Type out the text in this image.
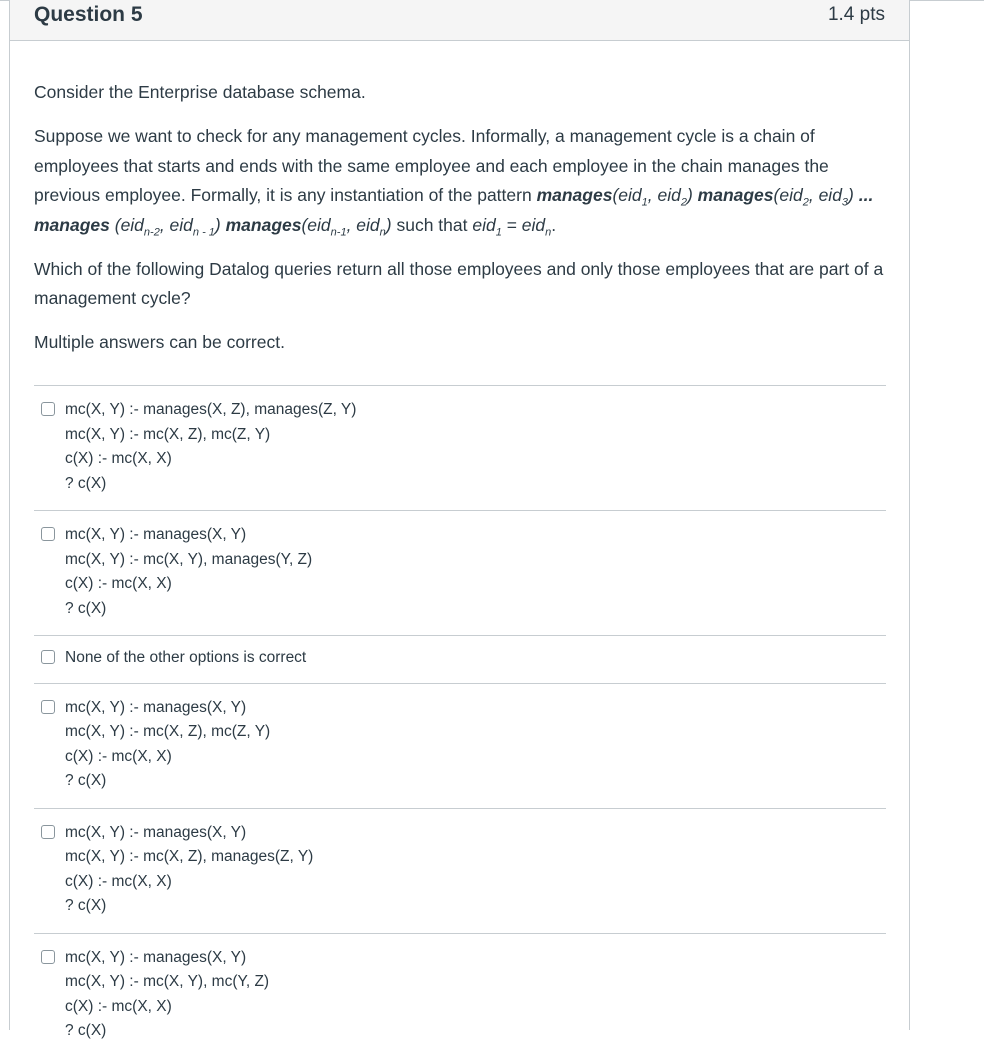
Question 5	1.4 pts

Consider the Enterprise database schema.

Suppose we want to check for any management cycles. Informally, a management cycle is a chain of employees that starts and ends with the same employee and each employee in the chain manages the previous employee. Formally, it is any instantiation of the pattern manages(eid$_1$, eid$_2$) manages(eid$_2$, eid$_3$) ... manages (eid$_{n-2}$, eid$_{n - 1}$) manages(eid$_{n-1}$, eid$_n$) such that eid$_1$ = eid$_n$.

Which of the following Datalog queries return all those employees and only those employees that are part of a management cycle?

Multiple answers can be correct.

mc(X, Y) :- manages(X, Z), manages(Z, Y)
mc(X, Y) :- mc(X, Z), mc(Z, Y)
c(X) :- mc(X, X)
? c(X)
mc(X, Y) :- manages(X, Y)
mc(X, Y) :- mc(X, Y), manages(Y, Z)
c(X) :- mc(X, X)
? c(X)
None of the other options is correct
mc(X, Y) :- manages(X, Y)
mc(X, Y) :- mc(X, Z), mc(Z, Y)
c(X) :- mc(X, X)
? c(X)
mc(X, Y) :- manages(X, Y)
mc(X, Y) :- mc(X, Z), manages(Z, Y)
c(X) :- mc(X, X)
? c(X)
mc(X, Y) :- manages(X, Y)
mc(X, Y) :- mc(X, Y), mc(Y, Z)
c(X) :- mc(X, X)
? c(X)
